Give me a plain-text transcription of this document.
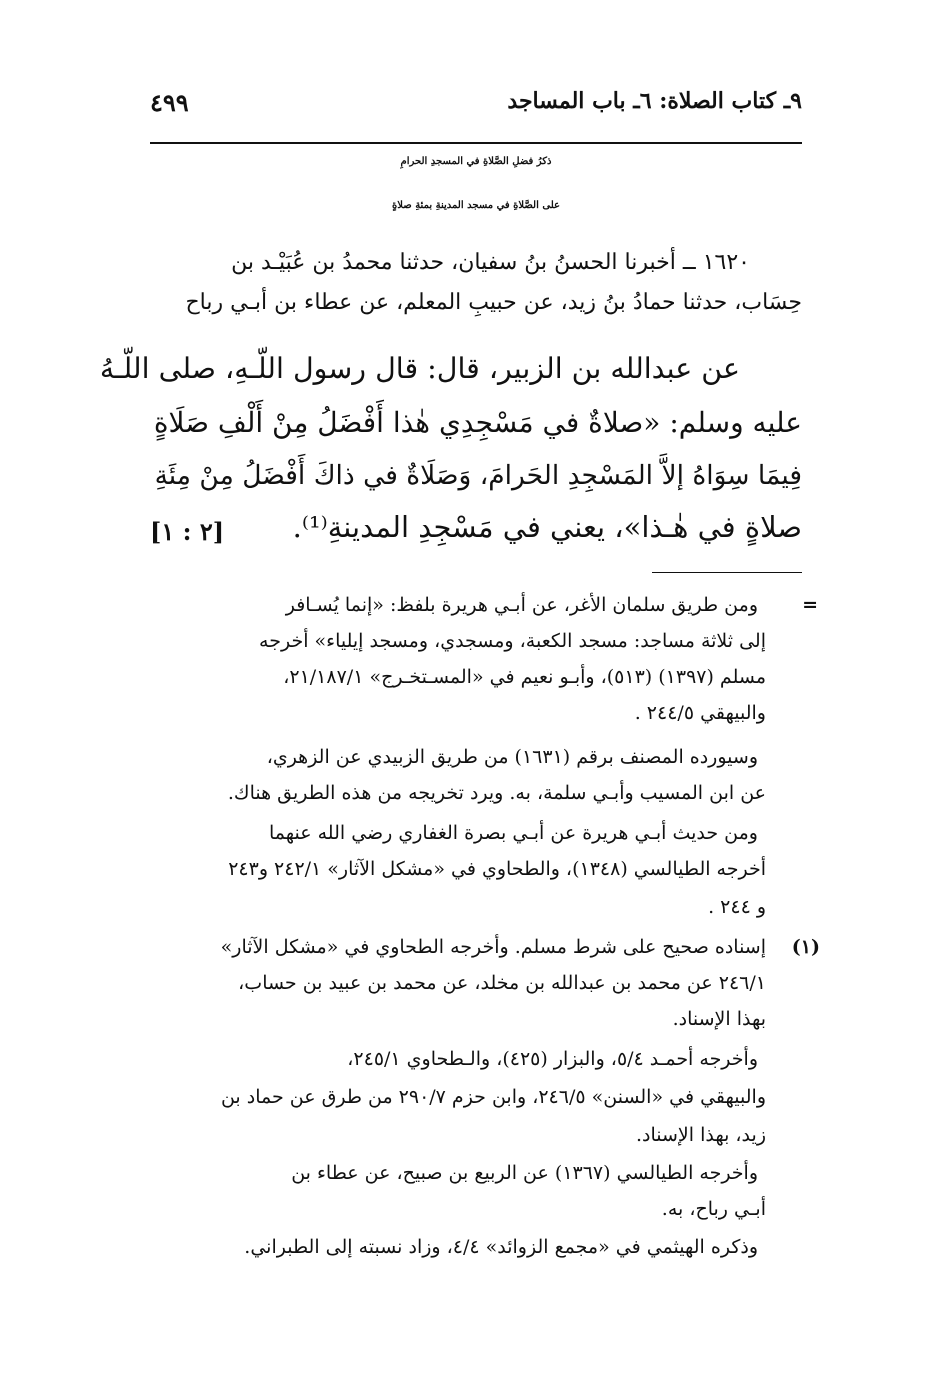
٩ـ كتاب الصلاة: ٦ـ باب المساجد
٤٩٩
ذكرُ فضلِ الصَّلاةِ في المسجدِ الحرامِ
على الصَّلاةِ في مسجد المدينةِ بمئةِ صلاةٍ
١٦٢٠ ــ أخبرنا الحسنُ بنُ سفيان، حدثنا محمدُ بن عُبَيْـد بن
حِسَاب، حدثنا حمادُ بنُ زيد، عن حبيبِ المعلم، عن عطاء بن أبـي رباح
عن عبدالله بن الزبير، قال: قال رسول اللّـهِ، صلى اللّـهُ
عليه وسلم: «صلاةٌ في مَسْجِدِي هٰذا أَفْضَلُ مِنْ أَلْفِ صَلَاةٍ
فِيمَا سِوَاهُ إلاَّ المَسْجِدِ الحَرامَ، وَصَلَاةٌ في ذاكَ أَفْضَلُ مِنْ مِئَةِ
صلاةٍ في هٰـذا»، يعني في مَسْجِدِ المدينةِ⁽¹⁾.
[٢ : ١]
=
ومن طريق سلمان الأغر، عن أبـي هريرة بلفظ: «إنما يُسـافر
إلى ثلاثة مساجد: مسجد الكعبة، ومسجدي، ومسجد إيلياء» أخرجه
مسلم (١٣٩٧) (٥١٣)، وأبـو نعيم في «المسـتخـرج» ٢١/١٨٧/١،
والبيهقي ٢٤٤/٥ .
وسيورده المصنف برقم (١٦٣١) من طريق الزبيدي عن الزهري،
عن ابن المسيب وأبـي سلمة، به. ويرد تخريجه من هذه الطريق هناك.
ومن حديث أبـي هريرة عن أبـي بصرة الغفاري رضي الله عنهما
أخرجه الطيالسي (١٣٤٨)، والطحاوي في «مشكل الآثار» ٢٤٢/١ و٢٤٣
و ٢٤٤ .
(١)
إسناده صحيح على شرط مسلم. وأخرجه الطحاوي في «مشكل الآثار»
٢٤٦/١ عن محمد بن عبدالله بن مخلد، عن محمد بن عبيد بن حساب،
بهذا الإسناد.
وأخرجه أحمـد ٥/٤، والبزار (٤٢٥)، والـطحاوي ٢٤٥/١،
والبيهقي في «السنن» ٢٤٦/٥، وابن حزم ٢٩٠/٧ من طرق عن حماد بن
زيد، بهذا الإسناد.
وأخرجه الطيالسي (١٣٦٧) عن الربيع بن صبيح، عن عطاء بن
أبـي رباح، به.
وذكره الهيثمي في «مجمع الزوائد» ٤/٤، وزاد نسبته إلى الطبراني.
